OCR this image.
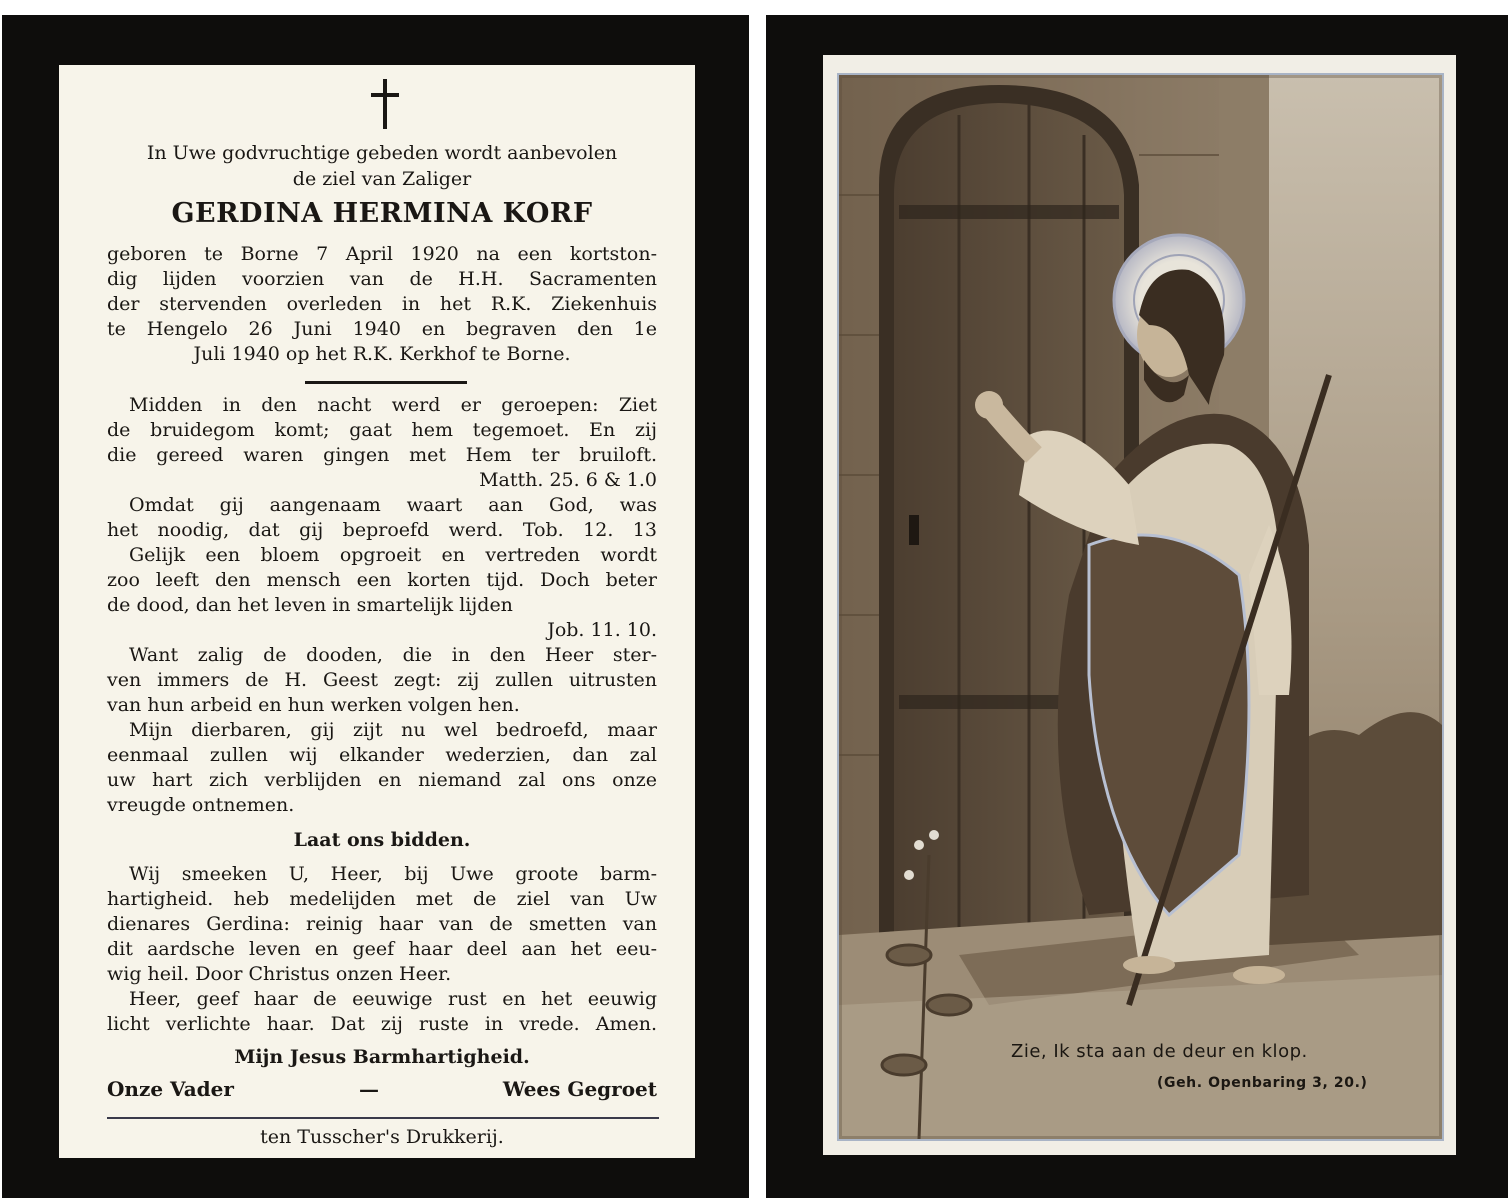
In Uwe godvruchtige gebeden wordt aanbevolen
de ziel van Zaliger
GERDINA HERMINA KORF
geboren te Borne 7 April 1920 na een kortston-
dig lijden voorzien van de H.H. Sacramenten
der stervenden overleden in het R.K. Ziekenhuis
te Hengelo 26 Juni 1940 en begraven den 1e
Juli 1940 op het R.K. Kerkhof te Borne.
Midden in den nacht werd er geroepen: Ziet
de bruidegom komt; gaat hem tegemoet. En zij
die gereed waren gingen met Hem ter bruiloft.
Matth. 25. 6 & 1.0
Omdat gij aangenaam waart aan God, was
het noodig, dat gij beproefd werd. Tob. 12. 13
Gelijk een bloem opgroeit en vertreden wordt
zoo leeft den mensch een korten tijd. Doch beter
de dood, dan het leven in smartelijk lijden
Job. 11. 10.
Want zalig de dooden, die in den Heer ster-
ven immers de H. Geest zegt: zij zullen uitrusten
van hun arbeid en hun werken volgen hen.
Mijn dierbaren, gij zijt nu wel bedroefd, maar
eenmaal zullen wij elkander wederzien, dan zal
uw hart zich verblijden en niemand zal ons onze
vreugde ontnemen.
Laat ons bidden.
Wij smeeken U, Heer, bij Uwe groote barm-
hartigheid. heb medelijden met de ziel van Uw
dienares Gerdina: reinig haar van de smetten van
dit aardsche leven en geef haar deel aan het eeu-
wig heil. Door Christus onzen Heer.
Heer, geef haar de eeuwige rust en het eeuwig
licht verlichte haar. Dat zij ruste in vrede. Amen.
Mijn Jesus Barmhartigheid.
Onze Vader	—	Wees Gegroet
ten Tusscher's Drukkerij.
Zie, Ik sta aan de deur en klop.
(Geh. Openbaring 3, 20.)
